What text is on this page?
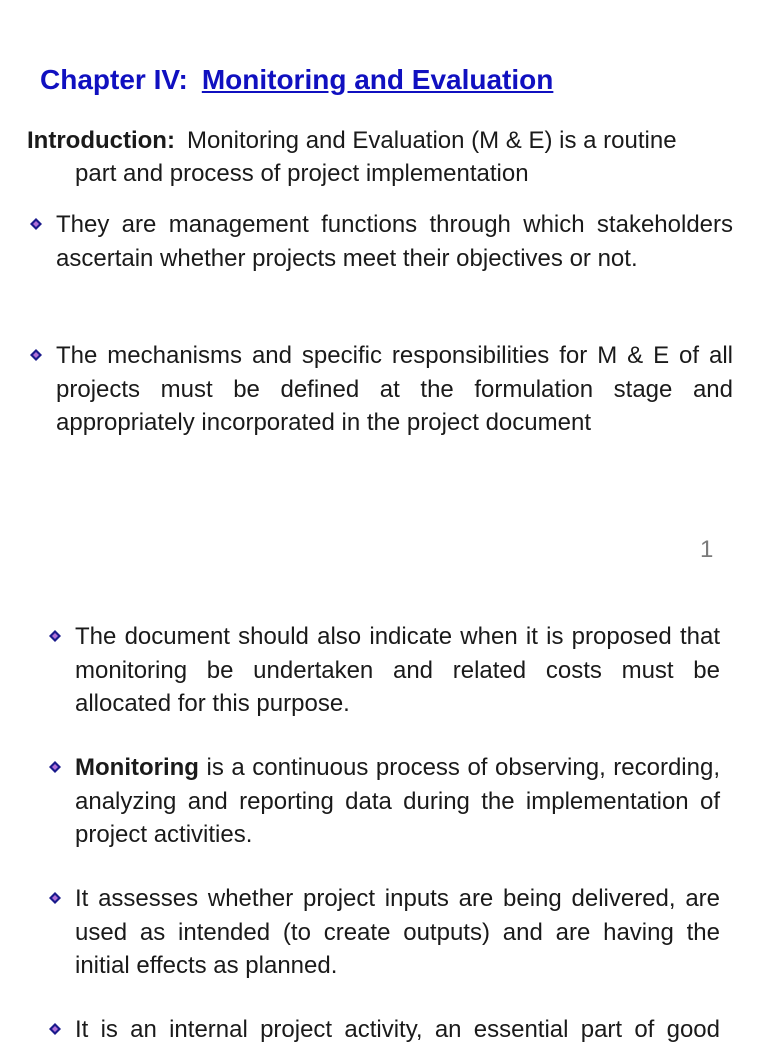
Chapter IV: Monitoring and Evaluation
Introduction: Monitoring and Evaluation (M & E) is a routine
part and process of project implementation
They are management functions through which stakeholders ascertain whether projects meet their objectives or not.
The mechanisms and specific responsibilities for M & E of all projects must be defined at the formulation stage and appropriately incorporated in the project document
1
The document should also indicate when it is proposed that monitoring be undertaken and related costs must be allocated for this purpose.
Monitoring is a continuous process of observing, recording, analyzing and reporting data during the implementation of project activities.
It assesses whether project inputs are being delivered, are used as intended (to create outputs) and are having the initial effects as planned.
It is an internal project activity, an essential part of good
